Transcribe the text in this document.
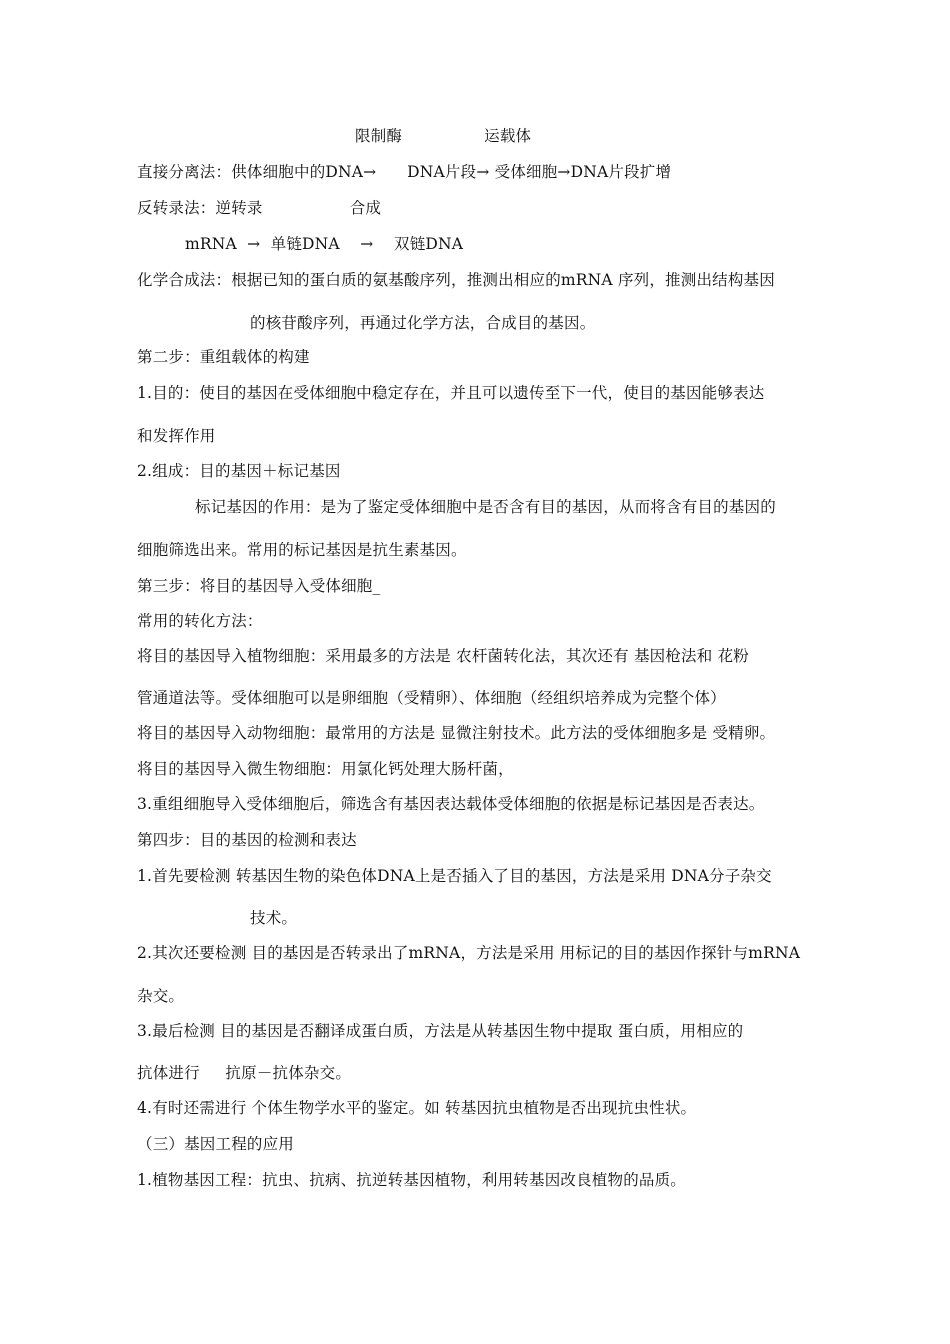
限制酶                运载体
直接分离法：供体细胞中的DNA→      DNA片段→ 受体细胞→DNA片段扩增
反转录法：逆转录                 合成
mRNA  →  单链DNA    →    双链DNA
化学合成法：根据已知的蛋白质的氨基酸序列，推测出相应的mRNA 序列，推测出结构基因
的核苷酸序列，再通过化学方法，合成目的基因。
第二步：重组载体的构建
1.目的：使目的基因在受体细胞中稳定存在，并且可以遗传至下一代，使目的基因能够表达
和发挥作用
2.组成：目的基因＋标记基因
标记基因的作用：是为了鉴定受体细胞中是否含有目的基因，从而将含有目的基因的
细胞筛选出来。常用的标记基因是抗生素基因。
第三步：将目的基因导入受体细胞_
常用的转化方法：
将目的基因导入植物细胞：采用最多的方法是 农杆菌转化法，其次还有 基因枪法和 花粉
管通道法等。受体细胞可以是卵细胞（受精卵）、体细胞（经组织培养成为完整个体）
将目的基因导入动物细胞：最常用的方法是 显微注射技术。此方法的受体细胞多是 受精卵。
将目的基因导入微生物细胞：用氯化钙处理大肠杆菌，
3.重组细胞导入受体细胞后，筛选含有基因表达载体受体细胞的依据是标记基因是否表达。
第四步：目的基因的检测和表达
1.首先要检测 转基因生物的染色体DNA上是否插入了目的基因，方法是采用 DNA分子杂交
技术。
2.其次还要检测 目的基因是否转录出了mRNA，方法是采用 用标记的目的基因作探针与mRNA
杂交。
3.最后检测 目的基因是否翻译成蛋白质，方法是从转基因生物中提取 蛋白质，用相应的
抗体进行     抗原－抗体杂交。
4.有时还需进行 个体生物学水平的鉴定。如 转基因抗虫植物是否出现抗虫性状。
（三）基因工程的应用
1.植物基因工程：抗虫、抗病、抗逆转基因植物，利用转基因改良植物的品质。
